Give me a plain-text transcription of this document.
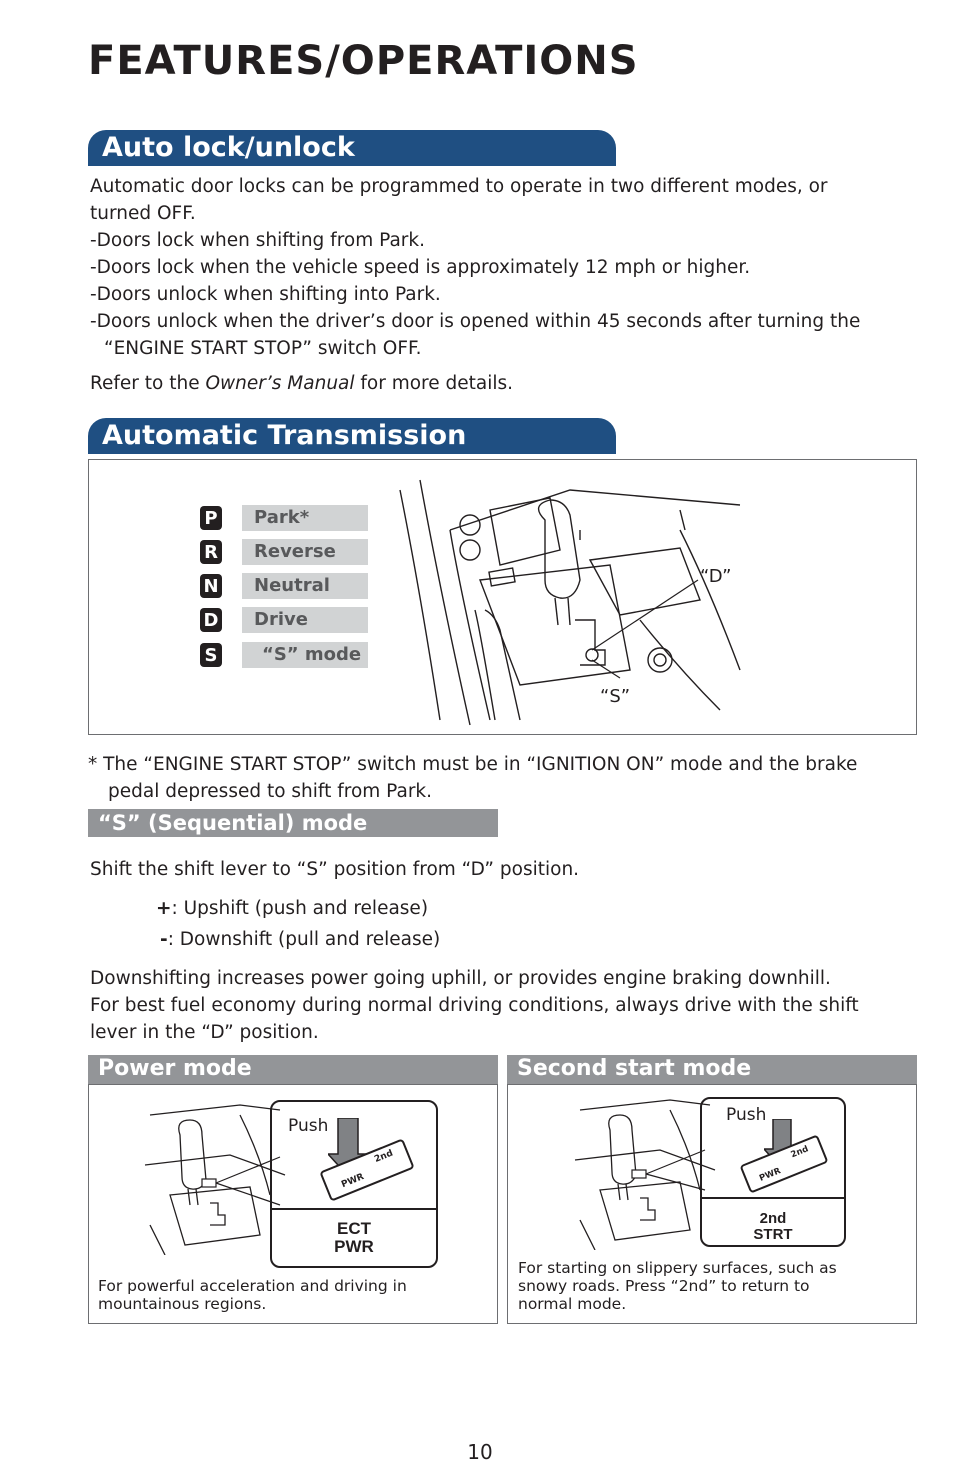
FEATURES/OPERATIONS
Auto lock/unlock

Automatic door locks can be programmed to operate in two different modes, or

turned OFF.

-Doors lock when shifting from Park.

-Doors lock when the vehicle speed is approximately 12 mph or higher.

-Doors unlock when shifting into Park.

-Doors unlock when the driver’s door is opened within 45 seconds after turning the

“ENGINE START STOP” switch OFF.

Refer to the Owner’s Manual for more details.

Automatic Transmission
P	Park*
R	Reverse
N	Neutral
D	Drive
S	“S” mode
“D”
“S”

* The “ENGINE START STOP” switch must be in “IGNITION ON” mode and the brake

pedal depressed to shift from Park.

“S” (Sequential) mode

Shift the shift lever to “S” position from “D” position.

+: Upshift (push and release)

-: Downshift (pull and release)

Downshifting increases power going uphill, or provides engine braking downhill.

For best fuel economy during normal driving conditions, always drive with the shift

lever in the “D” position.

Power mode
Push
PWR
2nd
ECT
PWR
For powerful acceleration and driving in
mountainous regions.
Second start mode
Push
PWR
2nd
2nd
STRT
For starting on slippery surfaces, such as
snowy roads. Press “2nd” to return to
normal mode.
10
